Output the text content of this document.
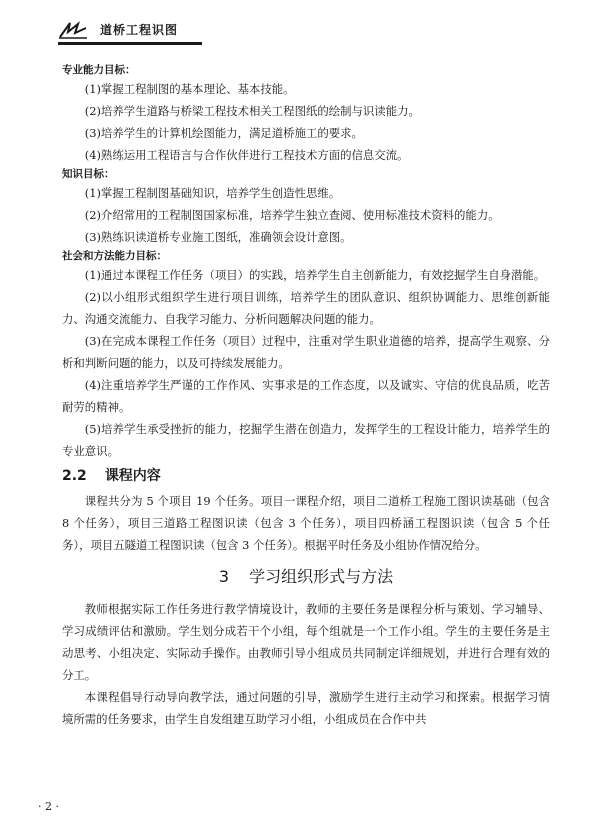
道桥工程识图
专业能力目标：

(1)掌握工程制图的基本理论、基本技能。

(2)培养学生道路与桥梁工程技术相关工程图纸的绘制与识读能力。

(3)培养学生的计算机绘图能力，满足道桥施工的要求。

(4)熟练运用工程语言与合作伙伴进行工程技术方面的信息交流。

知识目标：

(1)掌握工程制图基础知识，培养学生创造性思维。

(2)介绍常用的工程制图国家标准，培养学生独立查阅、使用标准技术资料的能力。

(3)熟练识读道桥专业施工图纸，准确领会设计意图。

社会和方法能力目标：

(1)通过本课程工作任务（项目）的实践，培养学生自主创新能力，有效挖掘学生自身潜能。

(2)以小组形式组织学生进行项目训练，培养学生的团队意识、组织协调能力、思维创新能力、沟通交流能力、自我学习能力、分析问题解决问题的能力。

(3)在完成本课程工作任务（项目）过程中，注重对学生职业道德的培养，提高学生观察、分析和判断问题的能力，以及可持续发展能力。

(4)注重培养学生严谨的工作作风、实事求是的工作态度，以及诚实、守信的优良品质，吃苦耐劳的精神。

(5)培养学生承受挫折的能力，挖掘学生潜在创造力，发挥学生的工程设计能力，培养学生的专业意识。

2.2 课程内容

课程共分为 5 个项目 19 个任务。项目一课程介绍，项目二道桥工程施工图识读基础（包含 8 个任务），项目三道路工程图识读（包含 3 个任务），项目四桥涵工程图识读（包含 5 个任务），项目五隧道工程图识读（包含 3 个任务）。根据平时任务及小组协作情况给分。

3 学习组织形式与方法

教师根据实际工作任务进行教学情境设计，教师的主要任务是课程分析与策划、学习辅导、学习成绩评估和激励。学生划分成若干个小组，每个组就是一个工作小组。学生的主要任务是主动思考、小组决定、实际动手操作。由教师引导小组成员共同制定详细规划，并进行合理有效的分工。

本课程倡导行动导向教学法，通过问题的引导，激励学生进行主动学习和探索。根据学习情境所需的任务要求，由学生自发组建互助学习小组，小组成员在合作中共

· 2 ·
